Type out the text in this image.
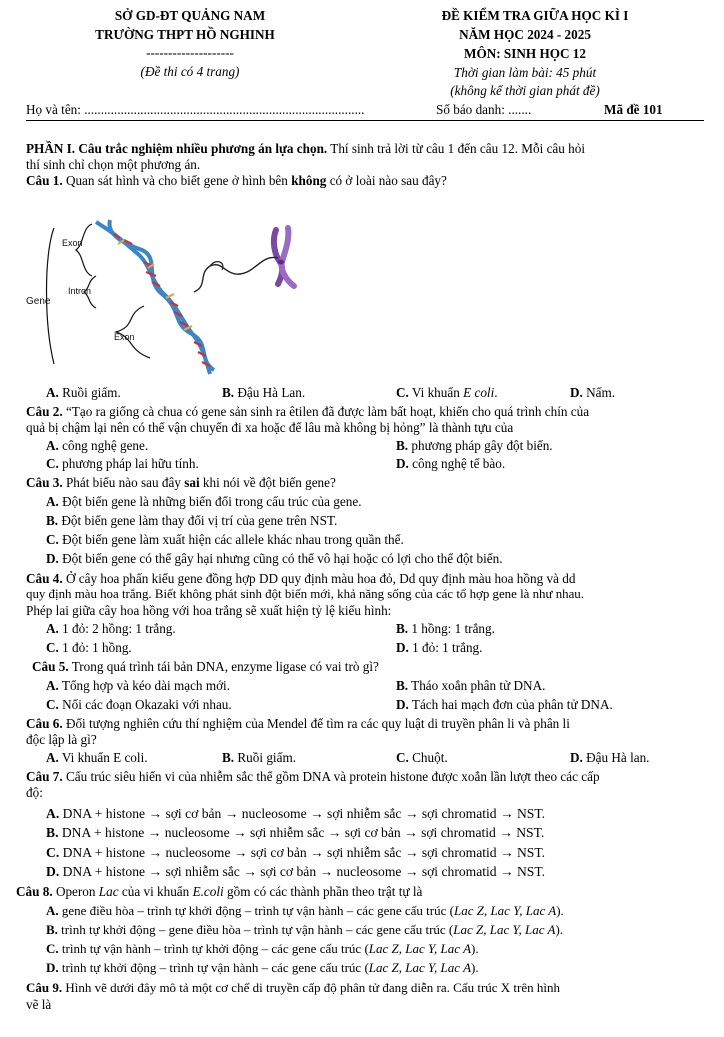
SỞ GD-ĐT QUẢNG NAM
TRƯỜNG THPT HỒ NGHINH
--------------------
(Đề thi có 4 trang)
ĐỀ KIỂM TRA GIỮA HỌC KÌ I
NĂM HỌC 2024 - 2025
MÔN: SINH HỌC 12
Thời gian làm bài: 45 phút
(không kể thời gian phát đề)
Họ và tên: .....................................................................................	Số báo danh: .......	Mã đề 101
PHẦN I. Câu trắc nghiệm nhiều phương án lựa chọn. Thí sinh trả lời từ câu 1 đến câu 12. Mỗi câu hỏi
thí sinh chỉ chọn một phương án.
Câu 1. Quan sát hình và cho biết gene ở hình bên không có ở loài nào sau đây?
Exon
Intron
Gene
Exon
A. Ruồi giấm.	B. Đậu Hà Lan.	C. Vi khuẩn E coli.	D. Nấm.
Câu 2. “Tạo ra giống cà chua có gene sản sinh ra êtilen đã được làm bất hoạt, khiến cho quá trình chín của
quả bị chậm lại nên có thể vận chuyển đi xa hoặc để lâu mà không bị hỏng” là thành tựu của
A. công nghệ gene.	B. phương pháp gây đột biến.
C. phương pháp lai hữu tính.	D. công nghệ tế bào.
Câu 3. Phát biểu nào sau đây sai khi nói về đột biến gene?
A. Đột biến gene là những biến đổi trong cấu trúc của gene.
B. Đột biến gene làm thay đổi vị trí của gene trên NST.
C. Đột biến gene làm xuất hiện các allele khác nhau trong quần thể.
D. Đột biến gene có thể gây hại nhưng cũng có thể vô hại hoặc có lợi cho thể đột biến.
Câu 4. Ở cây hoa phấn kiểu gene đồng hợp DD quy định màu hoa đỏ, Dd quy định màu hoa hồng và dd
quy định màu hoa trắng. Biết không phát sinh đột biến mới, khả năng sống của các tổ hợp gene là như nhau.
Phép lai giữa cây hoa hồng với hoa trắng sẽ xuất hiện tỷ lệ kiểu hình:
A. 1 đỏ: 2 hồng: 1 trắng.	B. 1 hồng: 1 trắng.
C. 1 đỏ: 1 hồng.	D. 1 đỏ: 1 trắng.
Câu 5. Trong quá trình tái bản DNA, enzyme ligase có vai trò gì?
A. Tổng hợp và kéo dài mạch mới.	B. Tháo xoắn phân tử DNA.
C. Nối các đoạn Okazaki với nhau.	D. Tách hai mạch đơn của phân tử DNA.
Câu 6. Đối tượng nghiên cứu thí nghiệm của Mendel để tìm ra các quy luật di truyền phân li và phân li
độc lập là gì?
A. Vi khuẩn E coli.	B. Ruồi giấm.	C. Chuột.	D. Đậu Hà lan.
Câu 7. Cấu trúc siêu hiển vi của nhiễm sắc thể gồm DNA và protein histone được xoắn lần lượt theo các cấp
độ:
A. DNA + histone → sợi cơ bản → nucleosome → sợi nhiễm sắc → sợi chromatid → NST.
B. DNA + histone → nucleosome → sợi nhiễm sắc → sợi cơ bản → sợi chromatid → NST.
C. DNA + histone → nucleosome → sợi cơ bản → sợi nhiễm sắc → sợi chromatid → NST.
D. DNA + histone → sợi nhiễm sắc → sợi cơ bản → nucleosome → sợi chromatid → NST.
Câu 8. Operon Lac của vi khuẩn E.coli gồm có các thành phần theo trật tự là
A. gene điều hòa – trình tự khởi động – trình tự vận hành – các gene cấu trúc (Lac Z, Lac Y, Lac A).
B. trình tự khởi động – gene điều hòa – trình tự vận hành – các gene cấu trúc (Lac Z, Lac Y, Lac A).
C. trình tự vận hành – trình tự khởi động – các gene cấu trúc (Lac Z, Lac Y, Lac A).
D. trình tự khởi động – trình tự vận hành – các gene cấu trúc (Lac Z, Lac Y, Lac A).
Câu 9. Hình vẽ dưới đây mô tả một cơ chế di truyền cấp độ phân tử đang diễn ra. Cấu trúc X trên hình
vẽ là
